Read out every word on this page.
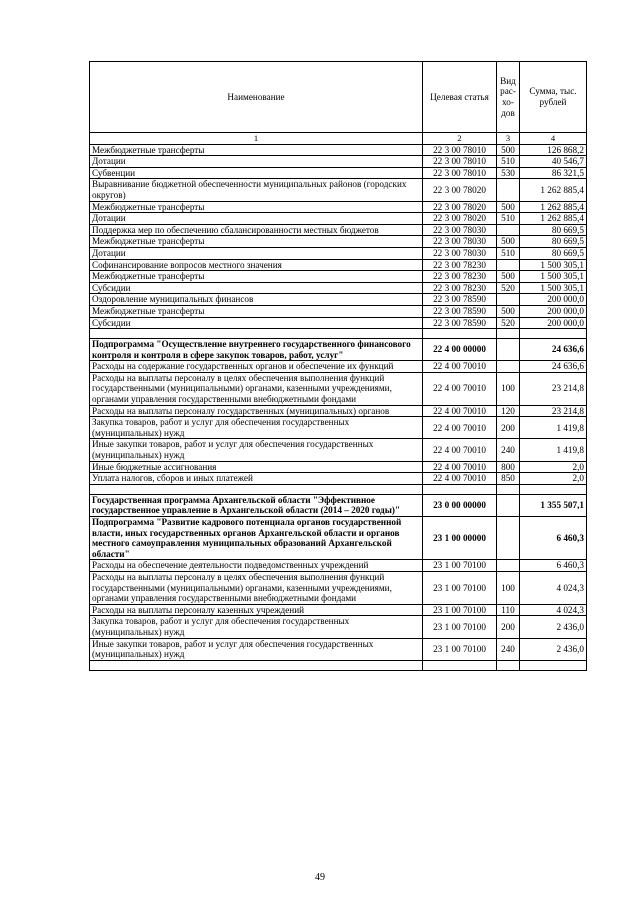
Наименование	Целевая статья	Вид рас- хо- дов	Сумма, тыс. рублей
1	2	3	4
Межбюджетные трансферты	22 3 00 78010	500	126 868,2
Дотации	22 3 00 78010	510	40 546,7
Субвенции	22 3 00 78010	530	86 321,5
Выравнивание бюджетной обеспеченности муниципальных районов (городских округов)	22 3 00 78020		1 262 885,4
Межбюджетные трансферты	22 3 00 78020	500	1 262 885,4
Дотации	22 3 00 78020	510	1 262 885,4
Поддержка мер по обеспечению сбалансированности местных бюджетов	22 3 00 78030		80 669,5
Межбюджетные трансферты	22 3 00 78030	500	80 669,5
Дотации	22 3 00 78030	510	80 669,5
Софинансирование вопросов местного значения	22 3 00 78230		1 500 305,1
Межбюджетные трансферты	22 3 00 78230	500	1 500 305,1
Субсидии	22 3 00 78230	520	1 500 305,1
Оздоровление муниципальных финансов	22 3 00 78590		200 000,0
Межбюджетные трансферты	22 3 00 78590	500	200 000,0
Субсидии	22 3 00 78590	520	200 000,0

Подпрограмма "Осуществление внутреннего государственного финансового контроля и контроля в сфере закупок товаров, работ, услуг"	22 4 00 00000		24 636,6
Расходы на содержание государственных органов и обеспечение их функций	22 4 00 70010		24 636,6
Расходы на выплаты персоналу в целях обеспечения выполнения функций государственными (муниципальными) органами, казенными учреждениями, органами управления государственными внебюджетными фондами	22 4 00 70010	100	23 214,8
Расходы на выплаты персоналу государственных (муниципальных) органов	22 4 00 70010	120	23 214,8
Закупка товаров, работ и услуг для обеспечения государственных (муниципальных) нужд	22 4 00 70010	200	1 419,8
Иные закупки товаров, работ и услуг для обеспечения государственных (муниципальных) нужд	22 4 00 70010	240	1 419,8
Иные бюджетные ассигнования	22 4 00 70010	800	2,0
Уплата налогов, сборов и иных платежей	22 4 00 70010	850	2,0

Государственная программа Архангельской области "Эффективное государственное управление в Архангельской области (2014 – 2020 годы)"	23 0 00 00000		1 355 507,1
Подпрограмма "Развитие кадрового потенциала органов государственной власти, иных государственных органов Архангельской области и органов местного самоуправления муниципальных образований Архангельской области"	23 1 00 00000		6 460,3
Расходы на обеспечение деятельности подведомственных учреждений	23 1 00 70100		6 460,3
Расходы на выплаты персоналу в целях обеспечения выполнения функций государственными (муниципальными) органами, казенными учреждениями, органами управления государственными внебюджетными фондами	23 1 00 70100	100	4 024,3
Расходы на выплаты персоналу казенных учреждений	23 1 00 70100	110	4 024,3
Закупка товаров, работ и услуг для обеспечения государственных (муниципальных) нужд	23 1 00 70100	200	2 436,0
Иные закупки товаров, работ и услуг для обеспечения государственных (муниципальных) нужд	23 1 00 70100	240	2 436,0

49
